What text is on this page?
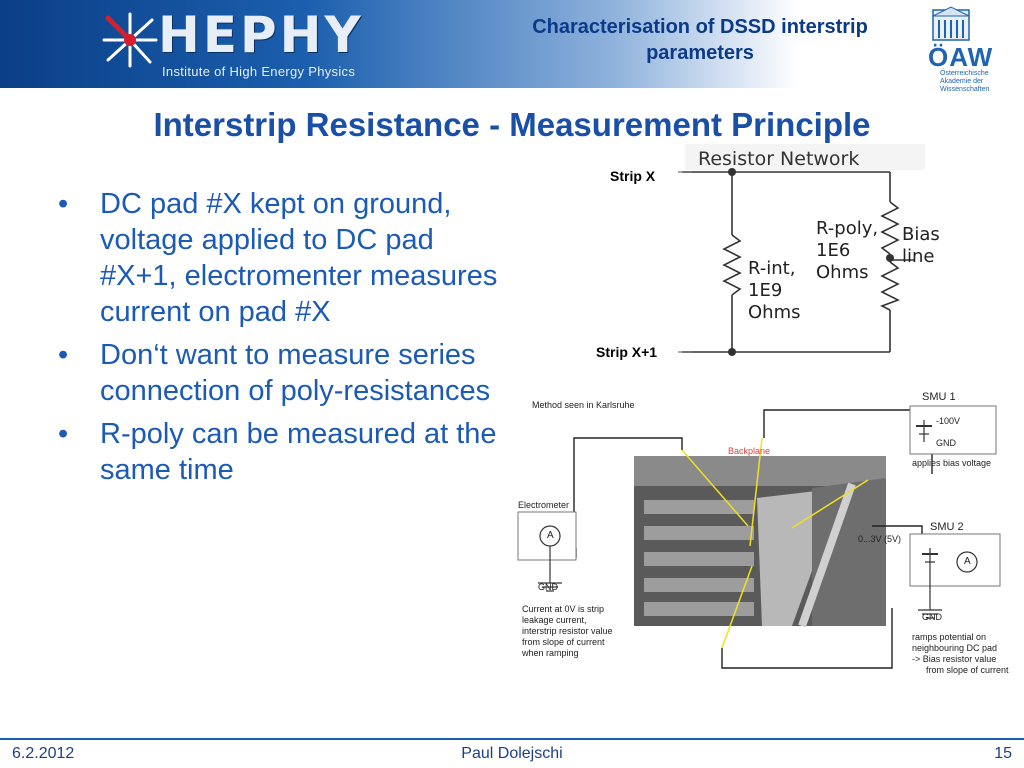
HEPHY
Institute of High Energy Physics
Characterisation of DSSD interstrip parameters	ÖAW
Österreichische Akademie der Wissenschaften
Interstrip Resistance - Measurement Principle
•	DC pad #X kept on ground, voltage applied to DC pad #X+1, electromenter measures current on pad #X
•	Don‘t want to measure series connection of poly-resistances
•	R-poly can be measured at the same time
Resistor Network
Strip X
Strip X+1
R-int,
1E9
Ohms
R-poly,
1E6
Ohms
Bias
line
Method seen in Karlsruhe
SMU 1
-100V
GND
applies bias voltage
Backplane
Electrometer
A
GND
Current at 0V is strip
leakage current,
interstrip resistor value
from slope of current
when ramping
SMU 2
0...3V (5V)
A
GND
ramps potential on
neighbouring DC pad
-> Bias resistor value
from slope of current
6.2.2012	Paul Dolejschi	15
